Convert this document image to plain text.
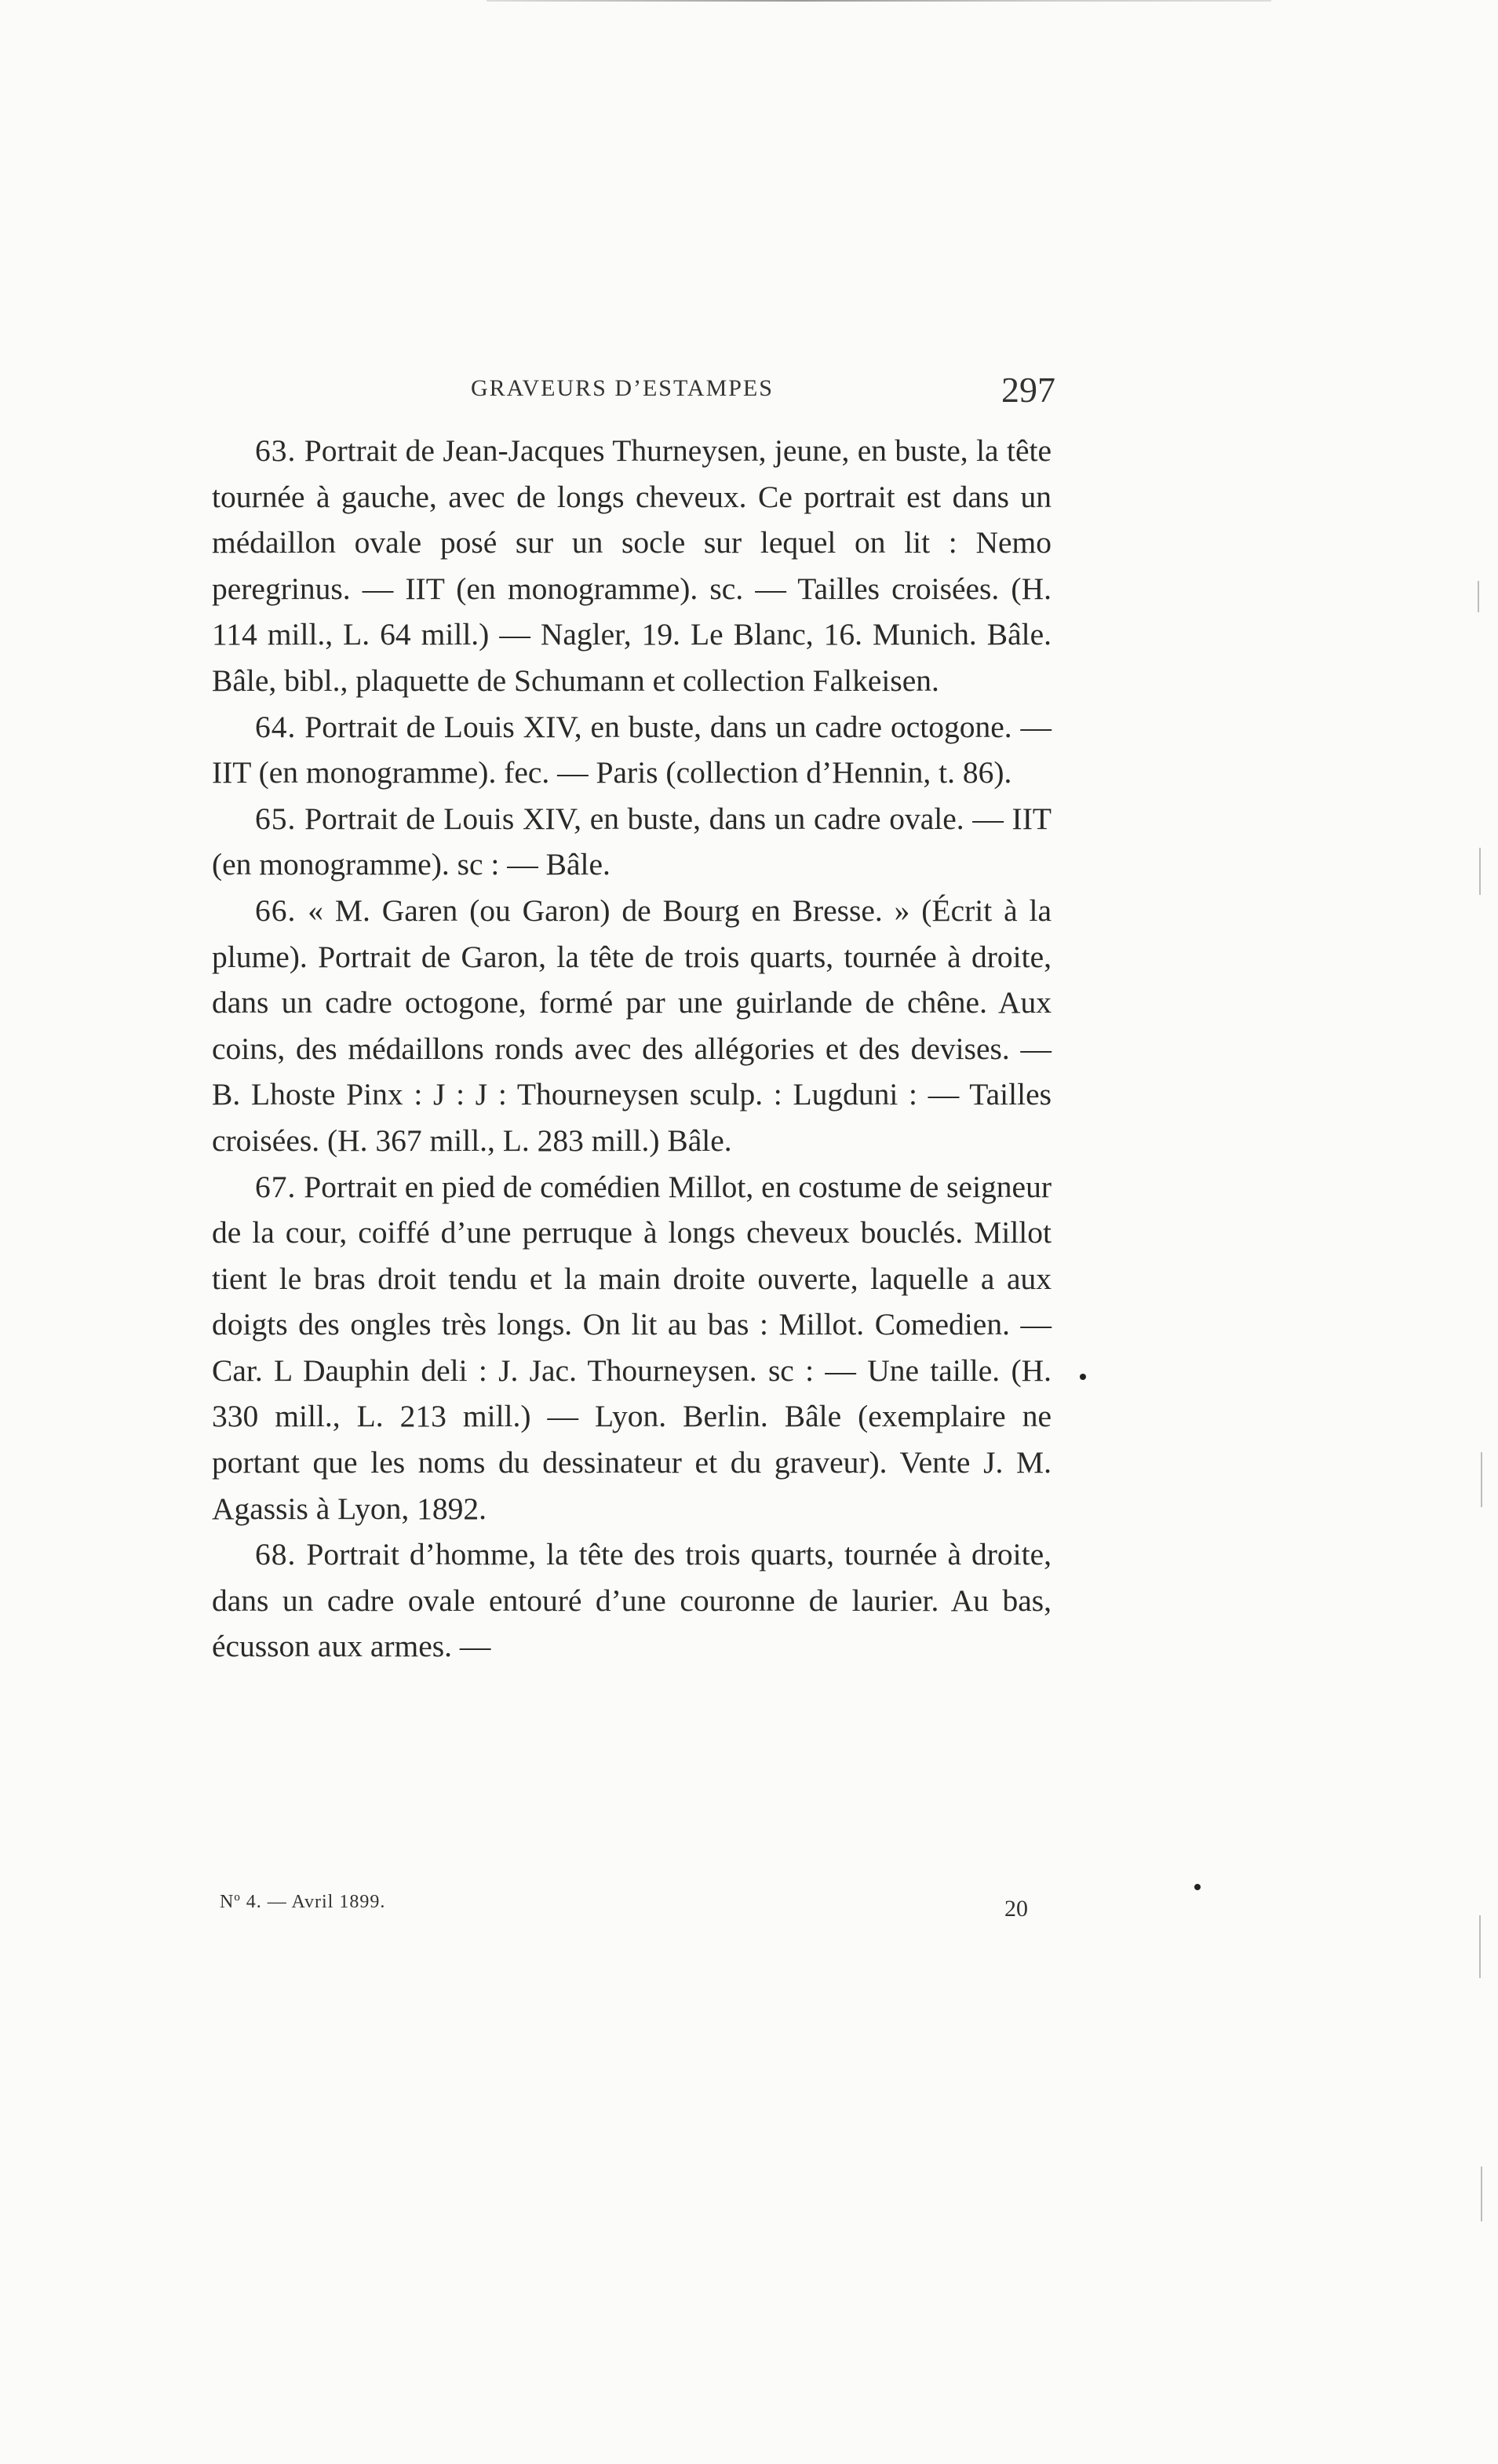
GRAVEURS D’ESTAMPES	297

63. Portrait de Jean-Jacques Thurneysen, jeune, en buste, la tête tournée à gauche, avec de longs cheveux. Ce portrait est dans un médaillon ovale posé sur un socle sur lequel on lit : Nemo peregrinus. — IIT (en monogramme). sc. — Tailles croisées. (H. 114 mill., L. 64 mill.) — Nagler, 19. Le Blanc, 16. Munich. Bâle. Bâle, bibl., plaquette de Schumann et collection Falkeisen.

64. Portrait de Louis XIV, en buste, dans un cadre octogone. — IIT (en monogramme). fec. — Paris (collection d’Hennin, t. 86).

65. Portrait de Louis XIV, en buste, dans un cadre ovale. — IIT (en monogramme). sc : — Bâle.

66. « M. Garen (ou Garon) de Bourg en Bresse. » (Écrit à la plume). Portrait de Garon, la tête de trois quarts, tournée à droite, dans un cadre octogone, formé par une guirlande de chêne. Aux coins, des médaillons ronds avec des allégories et des devises. — B. Lhoste Pinx : J : J : Thourneysen sculp. : Lugduni : — Tailles croisées. (H. 367 mill., L. 283 mill.) Bâle.

67. Portrait en pied de comédien Millot, en costume de seigneur de la cour, coiffé d’une perruque à longs cheveux bouclés. Millot tient le bras droit tendu et la main droite ouverte, laquelle a aux doigts des ongles très longs. On lit au bas : Millot. Comedien. — Car. L Dauphin deli : J. Jac. Thourneysen. sc : — Une taille. (H. 330 mill., L. 213 mill.) — Lyon. Berlin. Bâle (exemplaire ne portant que les noms du dessinateur et du graveur). Vente J. M. Agassis à Lyon, 1892.

68. Portrait d’homme, la tête des trois quarts, tournée à droite, dans un cadre ovale entouré d’une couronne de laurier. Au bas, écusson aux armes. —

Nº 4. — Avril 1899.	20
